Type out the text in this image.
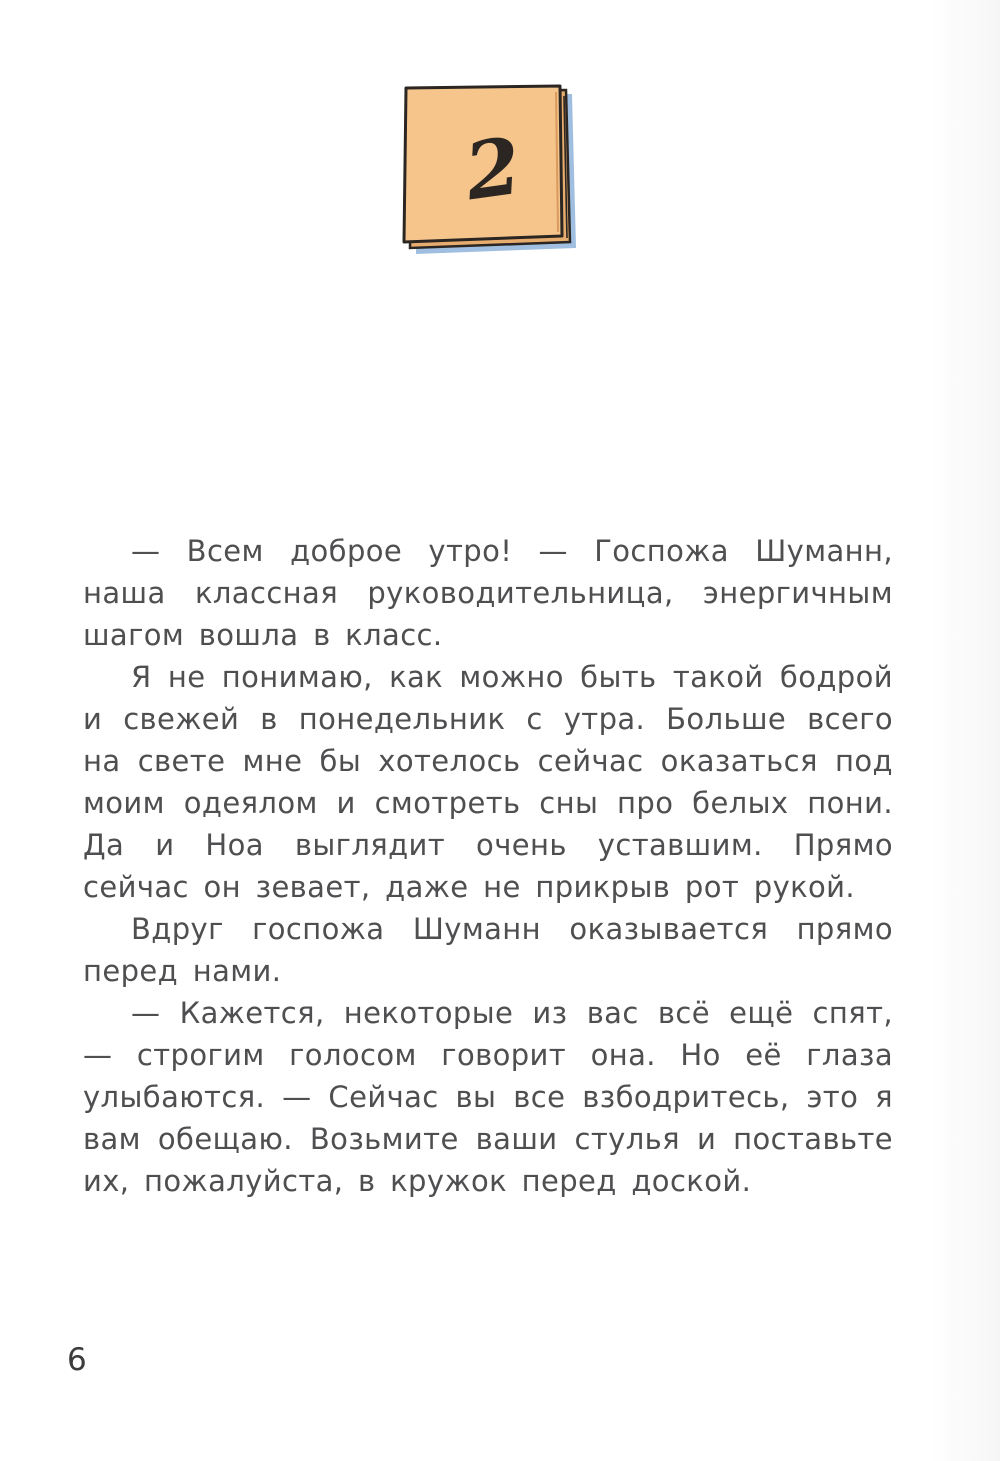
2

— Всем доброе утро! — Госпожа Шуманн, наша классная руководительница, энергичным шагом вошла в класс.

Я не понимаю, как можно быть такой бодрой и свежей в понедельник с утра. Больше всего на свете мне бы хотелось сейчас оказаться под моим одеялом и смотреть сны про белых пони. Да и Ноа выглядит очень уставшим. Прямо сейчас он зевает, даже не прикрыв рот рукой.

Вдруг госпожа Шуманн оказывается прямо перед нами.

— Кажется, некоторые из вас всё ещё спят, — строгим голосом говорит она. Но её глаза улыбаются. — Сейчас вы все взбодритесь, это я вам обещаю. Возьмите ваши стулья и поставьте их, пожалуйста, в кружок перед доской.

6
